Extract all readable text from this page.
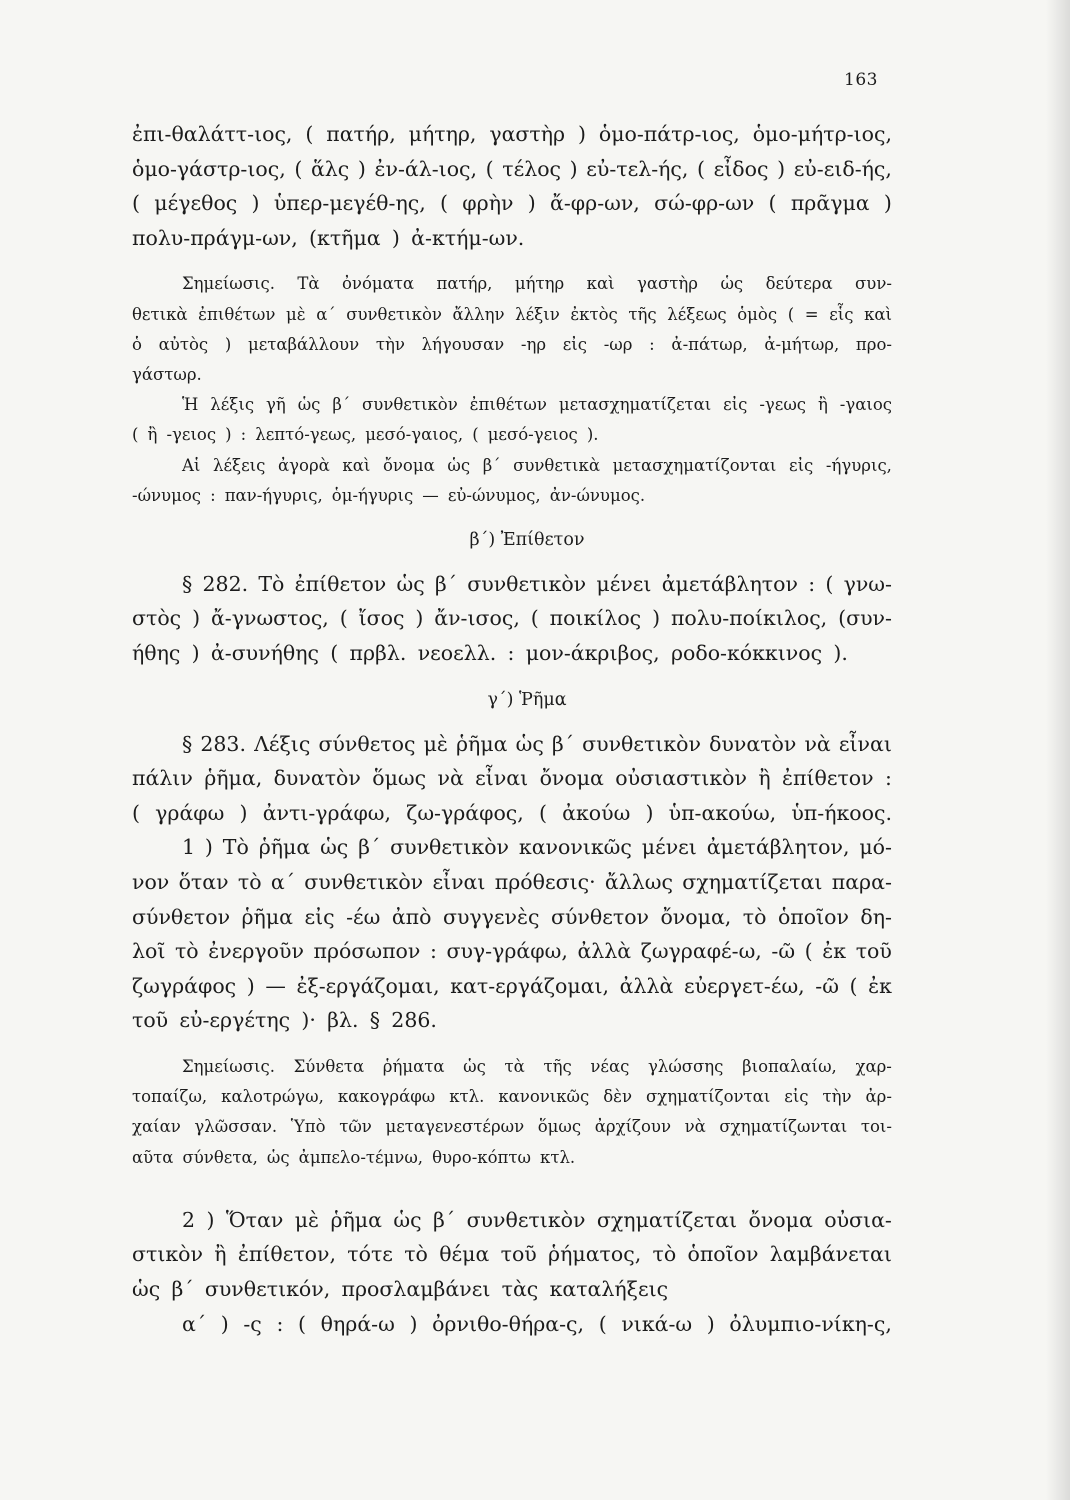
163
ἐπι-θαλάττ-ιος, ( πατήρ, μήτηρ, γαστὴρ ) ὁμο-πάτρ-ιος, ὁμο-μήτρ-ιος,
ὁμο-γάστρ-ιος, ( ἅλς ) ἐν-άλ-ιος, ( τέλος ) εὐ-τελ-ής, ( εἶδος ) εὐ-ειδ-ής,
( μέγεθος ) ὑπερ-μεγέθ-ης, ( φρὴν ) ἄ-φρ-ων, σώ-φρ-ων ( πρᾶγμα )
πολυ-πράγμ-ων, (κτῆμα ) ἀ-κτήμ-ων.
Σημείωσις. Τὰ ὀνόματα πατήρ, μήτηρ καὶ γαστὴρ ὡς δεύτερα συν-
θετικὰ ἐπιθέτων μὲ α΄ συνθετικὸν ἄλλην λέξιν ἐκτὸς τῆς λέξεως ὁμὸς ( = εἷς καὶ
ὁ αὐτὸς ) μεταβάλλουν τὴν λήγουσαν -ηρ εἰς -ωρ : ἀ-πάτωρ, ἀ-μήτωρ, προ-
γάστωρ.
Ἡ λέξις γῆ ὡς β΄ συνθετικὸν ἐπιθέτων μετασχηματίζεται εἰς -γεως ἢ -γαιος
( ἢ -γειος ) : λεπτό-γεως, μεσό-γαιος, ( μεσό-γειος ).
Αἱ λέξεις ἀγορὰ καὶ ὄνομα ὡς β΄ συνθετικὰ μετασχηματίζονται εἰς -ήγυρις,
-ώνυμος : παν-ήγυρις, ὁμ-ήγυρις — εὐ-ώνυμος, ἀν-ώνυμος.
β΄) Ἐπίθετον
§ 282. Τὸ ἐπίθετον ὡς β΄ συνθετικὸν μένει ἀμετάβλητον : ( γνω-
στὸς ) ἄ-γνωστος, ( ἴσος ) ἄν-ισος, ( ποικίλος ) πολυ-ποίκιλος, (συν-
ήθης ) ἀ-συνήθης ( πρβλ. νεοελλ. : μον-άκριβος, ροδο-κόκκινος ).
γ΄) Ῥῆμα
§ 283. Λέξις σύνθετος μὲ ῥῆμα ὡς β΄ συνθετικὸν δυνατὸν νὰ εἶναι
πάλιν ῥῆμα, δυνατὸν ὅμως νὰ εἶναι ὄνομα οὐσιαστικὸν ἢ ἐπίθετον :
( γράφω ) ἀντι-γράφω, ζω-γράφος, ( ἀκούω ) ὑπ-ακούω, ὑπ-ήκοος.
1 ) Τὸ ῥῆμα ὡς β΄ συνθετικὸν κανονικῶς μένει ἀμετάβλητον, μό-
νον ὅταν τὸ α΄ συνθετικὸν εἶναι πρόθεσις· ἄλλως σχηματίζεται παρα-
σύνθετον ῥῆμα εἰς -έω ἀπὸ συγγενὲς σύνθετον ὄνομα, τὸ ὁποῖον δη-
λοῖ τὸ ἐνεργοῦν πρόσωπον : συγ-γράφω, ἀλλὰ ζωγραφέ-ω, -ῶ ( ἐκ τοῦ
ζωγράφος ) — ἐξ-εργάζομαι, κατ-εργάζομαι, ἀλλὰ εὐεργετ-έω, -ῶ ( ἐκ
τοῦ εὐ-εργέτης )· βλ. § 286.
Σημείωσις. Σύνθετα ῥήματα ὡς τὰ τῆς νέας γλώσσης βιοπαλαίω, χαρ-
τοπαίζω, καλοτρώγω, κακογράφω κτλ. κανονικῶς δὲν σχηματίζονται εἰς τὴν ἀρ-
χαίαν γλῶσσαν. Ὑπὸ τῶν μεταγενεστέρων ὅμως ἀρχίζουν νὰ σχηματίζωνται τοι-
αῦτα σύνθετα, ὡς ἀμπελο-τέμνω, θυρο-κόπτω κτλ.
2 ) Ὅταν μὲ ῥῆμα ὡς β΄ συνθετικὸν σχηματίζεται ὄνομα οὐσια-
στικὸν ἢ ἐπίθετον, τότε τὸ θέμα τοῦ ῥήματος, τὸ ὁποῖον λαμβάνεται
ὡς β΄ συνθετικόν, προσλαμβάνει τὰς καταλήξεις
α΄ ) -ς : ( θηρά-ω ) ὀρνιθο-θήρα-ς, ( νικά-ω ) ὀλυμπιο-νίκη-ς,
